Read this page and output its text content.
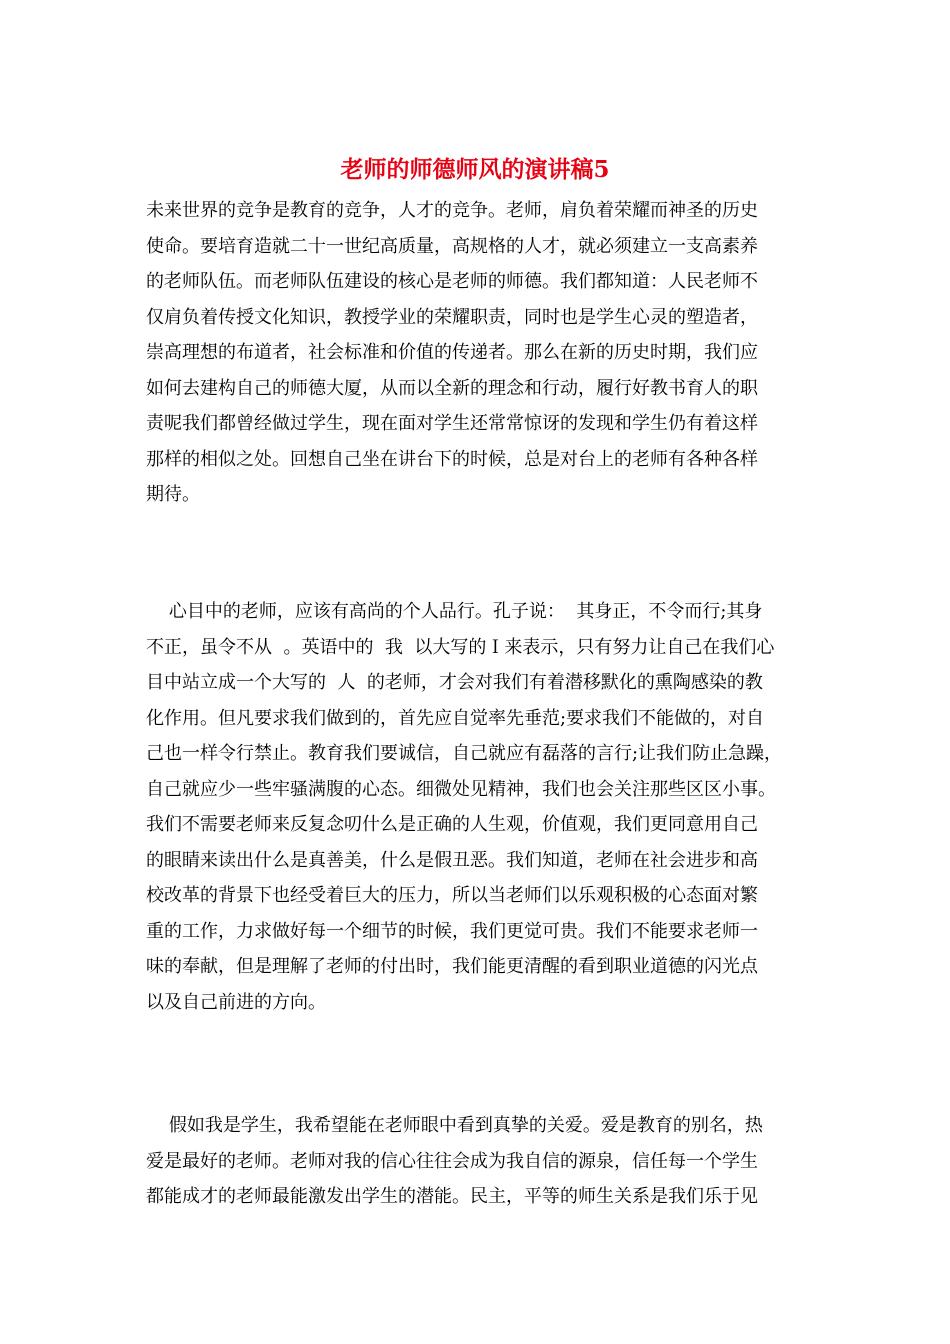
老师的师德师风的演讲稿5
未来世界的竞争是教育的竞争，人才的竞争。老师，肩负着荣耀而神圣的历史
使命。要培育造就二十一世纪高质量，高规格的人才，就必须建立一支高素养
的老师队伍。而老师队伍建设的核心是老师的师德。我们都知道：人民老师不
仅肩负着传授文化知识，教授学业的荣耀职责，同时也是学生心灵的塑造者，
崇高理想的布道者，社会标准和价值的传递者。那么在新的历史时期，我们应
如何去建构自己的师德大厦，从而以全新的理念和行动，履行好教书育人的职
责呢我们都曾经做过学生，现在面对学生还常常惊讶的发现和学生仍有着这样
那样的相似之处。回想自己坐在讲台下的时候，总是对台上的老师有各种各样
期待。
心目中的老师，应该有高尚的个人品行。孔子说：  其身正，不令而行;其身
不正，虽令不从  。英语中的  我  以大写的Ｉ来表示，只有努力让自己在我们心
目中站立成一个大写的  人  的老师，才会对我们有着潜移默化的熏陶感染的教
化作用。但凡要求我们做到的，首先应自觉率先垂范;要求我们不能做的，对自
己也一样令行禁止。教育我们要诚信，自己就应有磊落的言行;让我们防止急躁，
自己就应少一些牢骚满腹的心态。细微处见精神，我们也会关注那些区区小事。
我们不需要老师来反复念叨什么是正确的人生观，价值观，我们更同意用自己
的眼睛来读出什么是真善美，什么是假丑恶。我们知道，老师在社会进步和高
校改革的背景下也经受着巨大的压力，所以当老师们以乐观积极的心态面对繁
重的工作，力求做好每一个细节的时候，我们更觉可贵。我们不能要求老师一
味的奉献，但是理解了老师的付出时，我们能更清醒的看到职业道德的闪光点
以及自己前进的方向。
假如我是学生，我希望能在老师眼中看到真挚的关爱。爱是教育的别名，热
爱是最好的老师。老师对我的信心往往会成为我自信的源泉，信任每一个学生
都能成才的老师最能激发出学生的潜能。民主，平等的师生关系是我们乐于见
